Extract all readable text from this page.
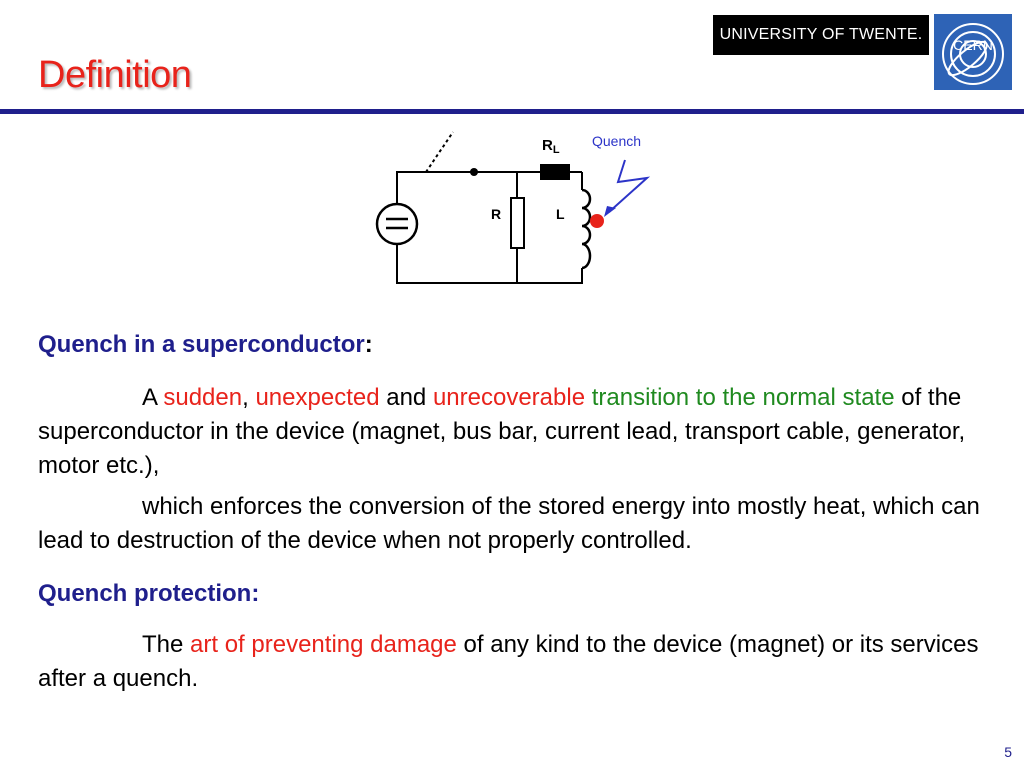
Definition
UNIVERSITY OF TWENTE.
CERN
$R_L$
R	L
Quench

Quench in a superconductor:

A sudden, unexpected and unrecoverable transition to the normal state of the superconductor in the device (magnet, bus bar, current lead, transport cable, generator, motor etc.),

which enforces the conversion of the stored energy into mostly heat, which can lead to destruction of the device when not properly controlled.

Quench protection:

The art of preventing damage of any kind to the device (magnet) or its services after a quench.

5
